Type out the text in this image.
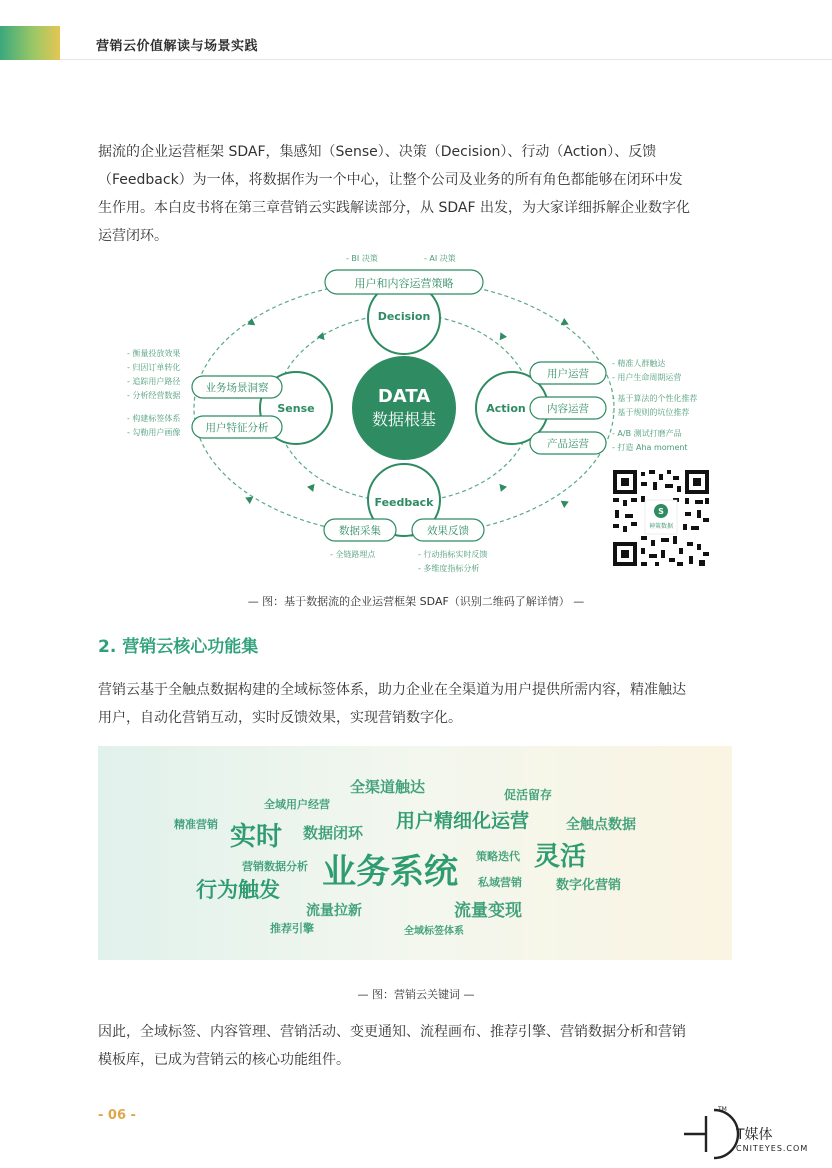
营销云价值解读与场景实践
据流的企业运营框架 SDAF，集感知（Sense）、决策（Decision）、行动（Action）、反馈
（Feedback）为一体，将数据作为一个中心，让整个公司及业务的所有角色都能够在闭环中发
生作用。本白皮书将在第三章营销云实践解读部分，从 SDAF 出发，为大家详细拆解企业数字化
运营闭环。
DATA
数据根基
Decision
用户和内容运营策略
- BI 决策	- AI 决策
Sense
业务场景洞察
用户特征分析
- 衡量投放效果
- 归因订单转化
- 追踪用户路径
- 分析经营数据
- 构建标签体系
- 勾勒用户画像
Action
用户运营
内容运营
产品运营
- 精准人群触达
- 用户生命周期运营
- 基于算法的个性化推荐
- 基于规则的坑位推荐
- A/B 测试打磨产品
- 打造 Aha moment
Feedback
数据采集	效果反馈
- 全链路埋点	- 行动指标实时反馈
- 多维度指标分析
S
神策数据
— 图：基于数据流的企业运营框架 SDAF（识别二维码了解详情） —
2. 营销云核心功能集
营销云基于全触点数据构建的全域标签体系，助力企业在全渠道为用户提供所需内容，精准触达
用户，自动化营销互动，实时反馈效果，实现营销数字化。
全渠道触达	促活留存
全域用户经营
精准营销 实时 数据闭环
用户精细化运营	全触点数据
营销数据分析 业务系统 策略迭代 灵活
行为触发	私域营销	数字化营销
流量拉新	流量变现
推荐引擎	全域标签体系
— 图：营销云关键词 —
因此，全域标签、内容管理、营销活动、变更通知、流程画布、推荐引擎、营销数据分析和营销
模板库，已成为营销云的核心功能组件。
- 06 -	TM
T媒体
CNITEYES.COM
